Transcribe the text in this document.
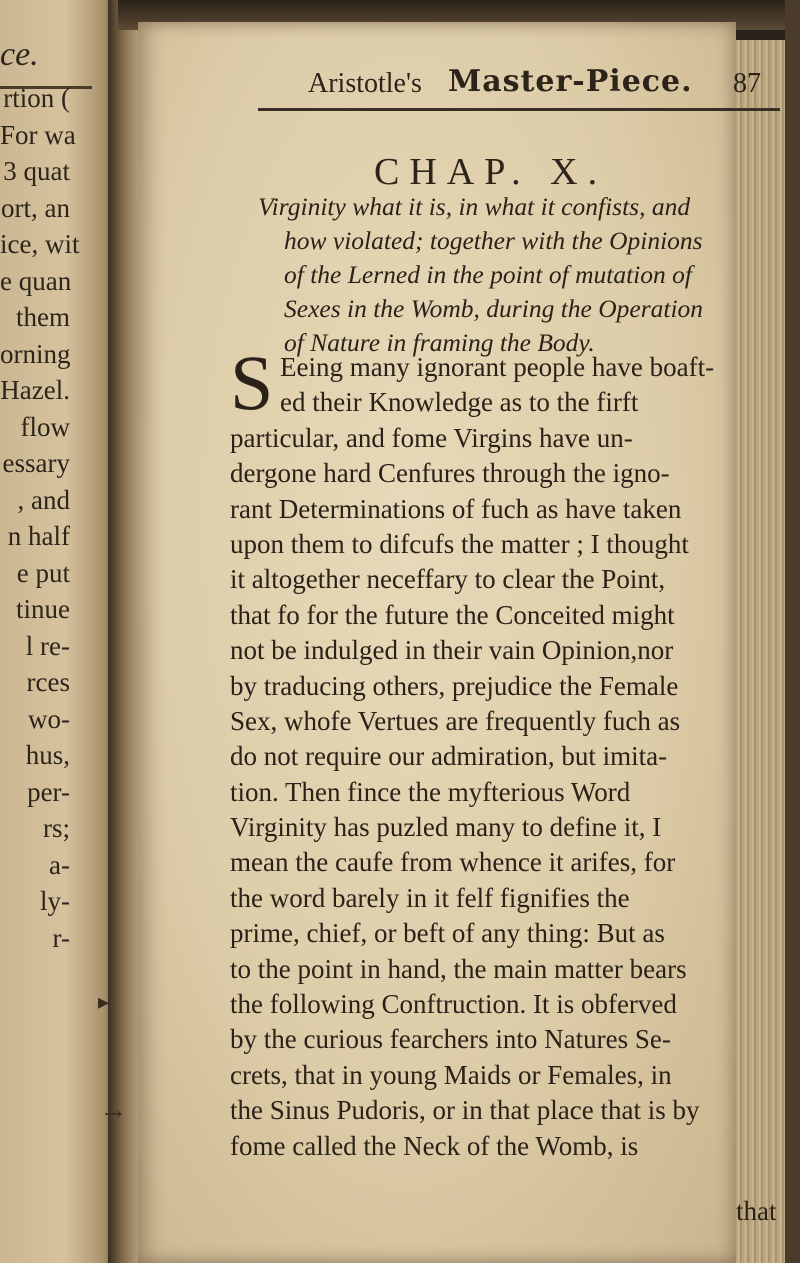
ce.
rtion (
For wa
3 quat
ort, an
ice, wit
e quan
them
orning
Hazel.
flow
essary
, and
n half
e put
tinue
l re-
rces
wo-
hus,
per-
rs;
a-
ly-
r-
Aristotle's Master-Piece. 87
CHAP. X.
Virginity what it is, in what it confists, and
how violated; together with the Opinions
of the Lerned in the point of mutation of
Sexes in the Womb, during the Operation
of Nature in framing the Body.
S Eeing many ignorant people have boaft-
ed their Knowledge as to the firft
particular, and fome Virgins have un-
dergone hard Cenfures through the igno-
rant Determinations of fuch as have taken
upon them to difcufs the matter ; I thought
it altogether neceffary to clear the Point,
that fo for the future the Conceited might
not be indulged in their vain Opinion,nor
by traducing others, prejudice the Female
Sex, whofe Vertues are frequently fuch as
do not require our admiration, but imita-
tion. Then fince the myfterious Word
Virginity has puzled many to define it, I
mean the caufe from whence it arifes, for
the word barely in it felf fignifies the
prime, chief, or beft of any thing: But as
to the point in hand, the main matter bears
the following Conftruction. It is obferved
by the curious fearchers into Natures Se-
crets, that in young Maids or Females, in
the Sinus Pudoris, or in that place that is by
fome called the Neck of the Womb, is
that
→
▸
